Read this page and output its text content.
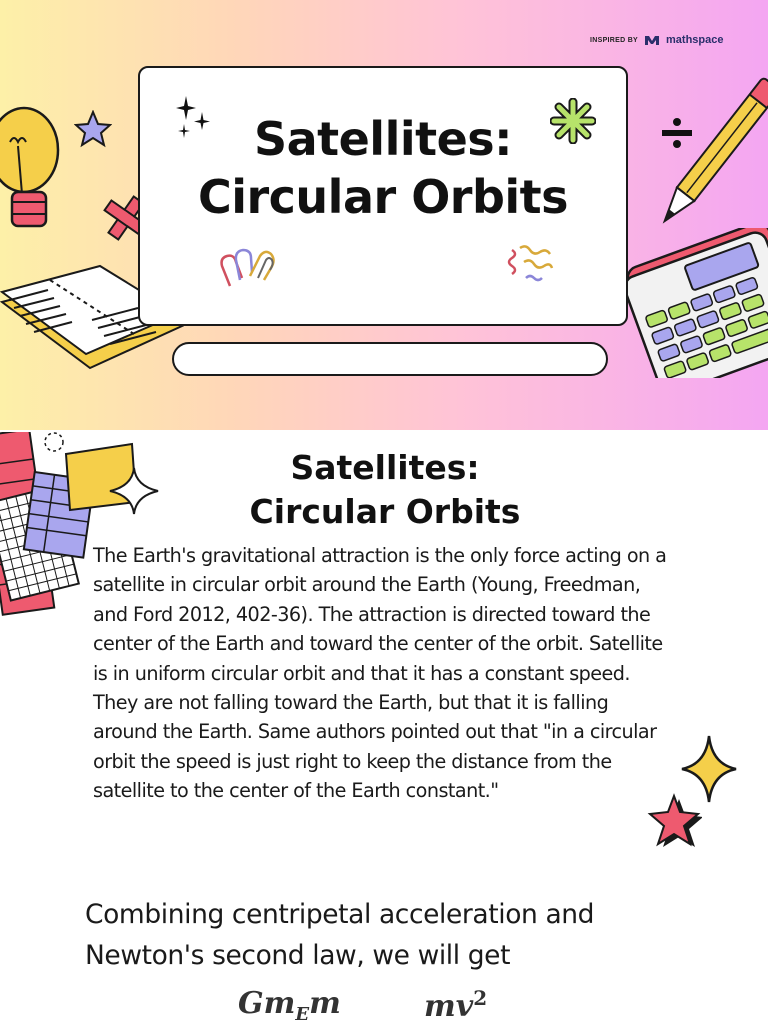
INSPIRED BY	mathspace
Satellites:
Circular Orbits
Satellites:
Circular Orbits
The Earth's gravitational attraction is the only force acting on a satellite in circular orbit around the Earth (Young, Freedman, and Ford 2012, 402-36). The attraction is directed toward the center of the Earth and toward the center of the orbit. Satellite is in uniform circular orbit and that it has a constant speed. They are not falling toward the Earth, but that it is falling around the Earth. Same authors pointed out that "in a circular orbit the speed is just right to keep the distance from the satellite to the center of the Earth constant."
Combining centripetal acceleration and Newton's second law, we will get
$Gm_Em$	$mv^2$
